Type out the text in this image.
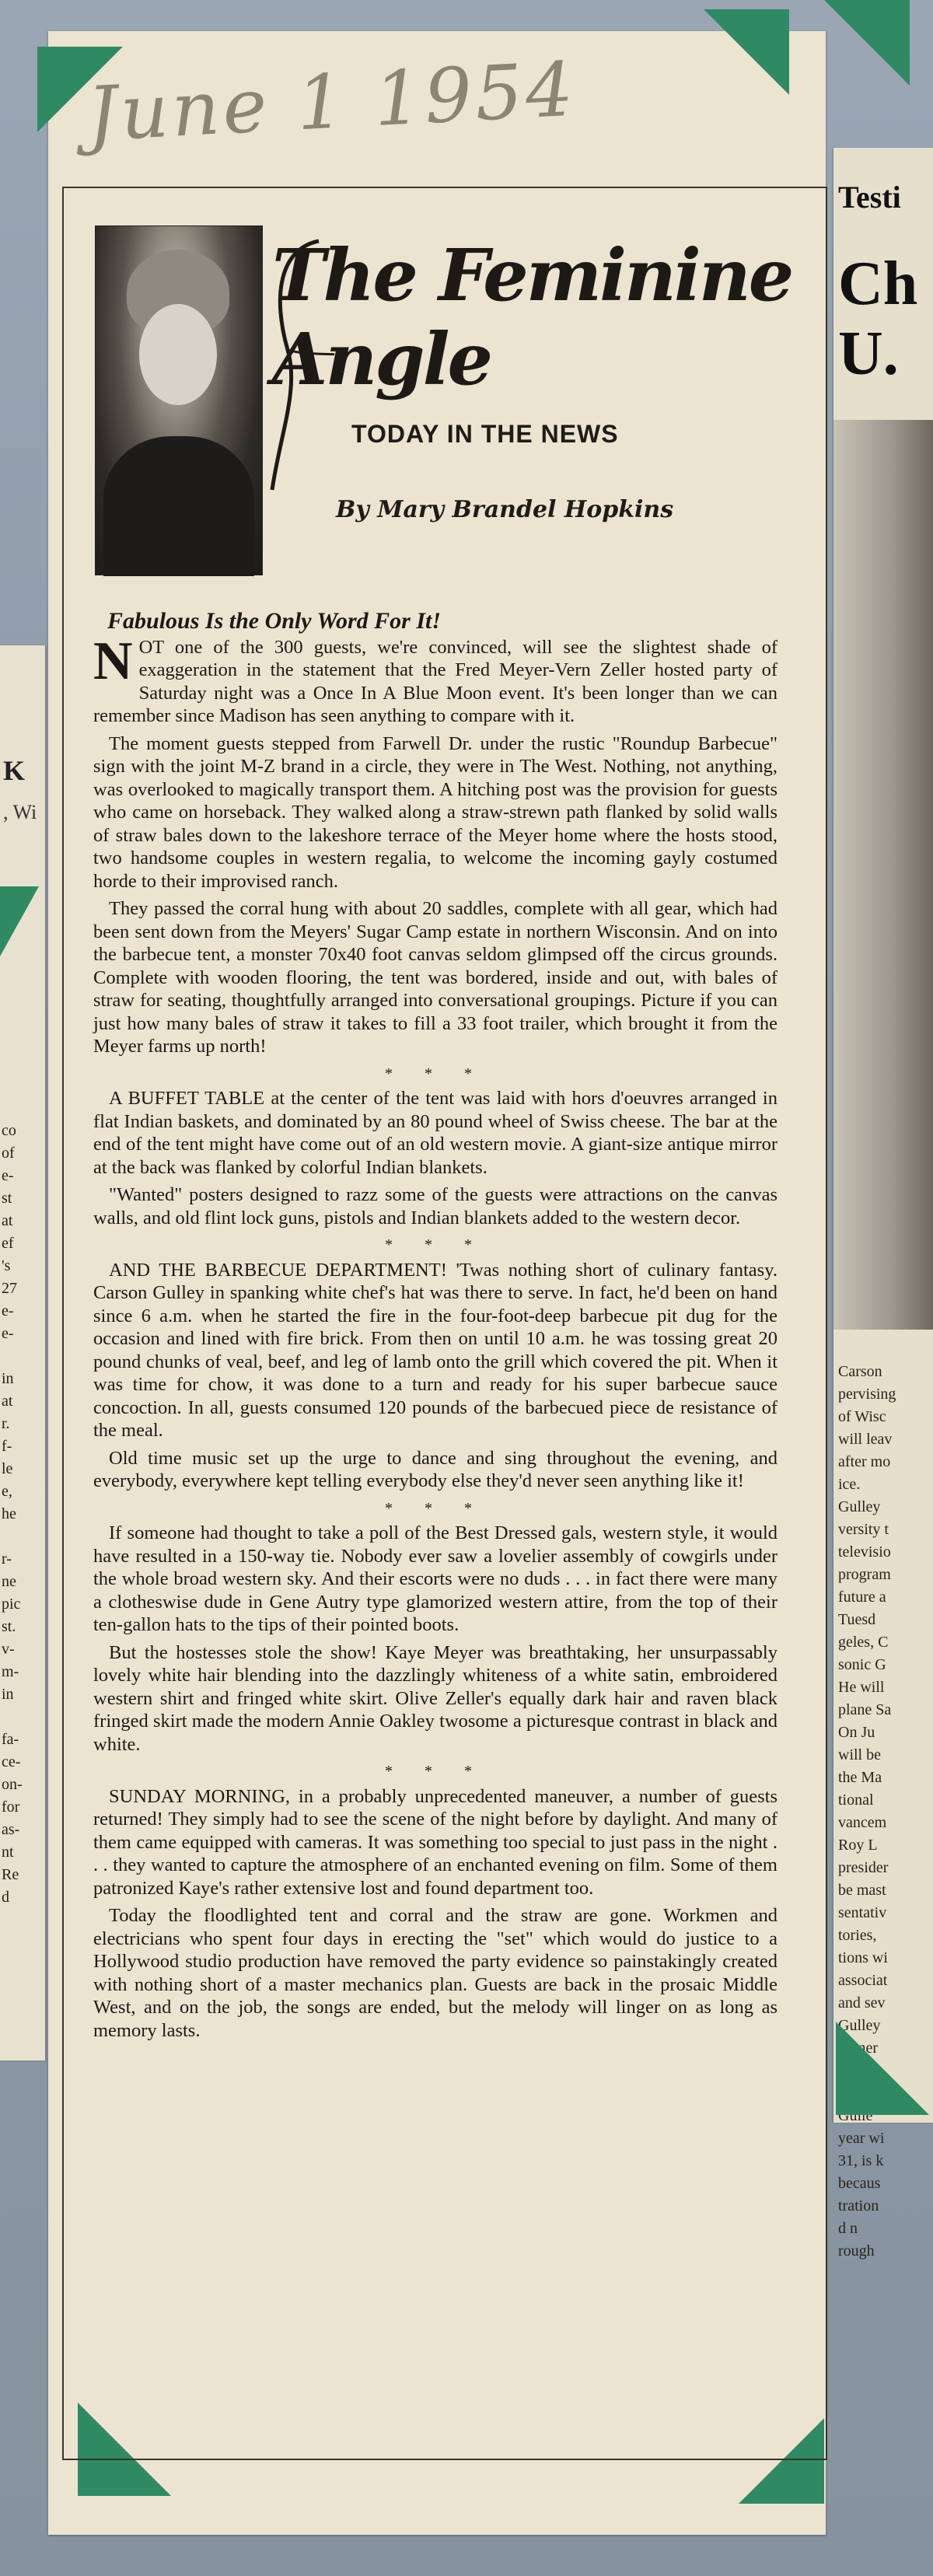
K
, Wi
co
of
e-
st
at
ef
's
27
e-
e-

in
at
r.
f-
le
e,
he

r-
ne
pic
st.
v-
m-
in

fa-
ce-
on-
for
as-
nt
Re
d
Testi
Ch
U.

Carson

pervising

of Wisc

will leav

after mo

ice.

Gulley

versity t

televisio

program

future a

Tuesd

geles, C

sonic G

He will

plane Sa

On Ju

will be

the Ma

tional

vancem

Roy L

presider

be mast

sentativ

tories,

tions wi

associat

and sev

Gulley

dinner

Lodge

Gulle

year wi

31, is k

becaus

tration

d n

rough

June 1 1954
The Feminine Angle
TODAY IN THE NEWS
By Mary Brandel Hopkins
Fabulous Is the Only Word For It!

NOT one of the 300 guests, we're convinced, will see the slightest shade of exaggeration in the statement that the Fred Meyer-Vern Zeller hosted party of Saturday night was a Once In A Blue Moon event. It's been longer than we can remember since Madison has seen anything to compare with it.

The moment guests stepped from Farwell Dr. under the rustic "Roundup Barbecue" sign with the joint M-Z brand in a circle, they were in The West. Nothing, not anything, was overlooked to magically transport them. A hitching post was the provision for guests who came on horseback. They walked along a straw-strewn path flanked by solid walls of straw bales down to the lakeshore terrace of the Meyer home where the hosts stood, two handsome couples in western regalia, to welcome the incoming gayly costumed horde to their improvised ranch.

They passed the corral hung with about 20 saddles, complete with all gear, which had been sent down from the Meyers' Sugar Camp estate in northern Wisconsin. And on into the barbecue tent, a monster 70x40 foot canvas seldom glimpsed off the circus grounds. Complete with wooden flooring, the tent was bordered, inside and out, with bales of straw for seating, thoughtfully arranged into conversational groupings. Picture if you can just how many bales of straw it takes to fill a 33 foot trailer, which brought it from the Meyer farms up north!

* * *

A BUFFET TABLE at the center of the tent was laid with hors d'oeuvres arranged in flat Indian baskets, and dominated by an 80 pound wheel of Swiss cheese. The bar at the end of the tent might have come out of an old western movie. A giant-size antique mirror at the back was flanked by colorful Indian blankets.

"Wanted" posters designed to razz some of the guests were attractions on the canvas walls, and old flint lock guns, pistols and Indian blankets added to the western decor.

* * *

AND THE BARBECUE DEPARTMENT! 'Twas nothing short of culinary fantasy. Carson Gulley in spanking white chef's hat was there to serve. In fact, he'd been on hand since 6 a.m. when he started the fire in the four-foot-deep barbecue pit dug for the occasion and lined with fire brick. From then on until 10 a.m. he was tossing great 20 pound chunks of veal, beef, and leg of lamb onto the grill which covered the pit. When it was time for chow, it was done to a turn and ready for his super barbecue sauce concoction. In all, guests consumed 120 pounds of the barbecued piece de resistance of the meal.

Old time music set up the urge to dance and sing throughout the evening, and everybody, everywhere kept telling everybody else they'd never seen anything like it!

* * *

If someone had thought to take a poll of the Best Dressed gals, western style, it would have resulted in a 150-way tie. Nobody ever saw a lovelier assembly of cowgirls under the whole broad western sky. And their escorts were no duds . . . in fact there were many a clotheswise dude in Gene Autry type glamorized western attire, from the top of their ten-gallon hats to the tips of their pointed boots.

But the hostesses stole the show! Kaye Meyer was breathtaking, her unsurpassably lovely white hair blending into the dazzlingly whiteness of a white satin, embroidered western shirt and fringed white skirt. Olive Zeller's equally dark hair and raven black fringed skirt made the modern Annie Oakley twosome a picturesque contrast in black and white.

* * *

SUNDAY MORNING, in a probably unprecedented maneuver, a number of guests returned! They simply had to see the scene of the night before by daylight. And many of them came equipped with cameras. It was something too special to just pass in the night . . . they wanted to capture the atmosphere of an enchanted evening on film. Some of them patronized Kaye's rather extensive lost and found department too.

Today the floodlighted tent and corral and the straw are gone. Workmen and electricians who spent four days in erecting the "set" which would do justice to a Hollywood studio production have removed the party evidence so painstakingly created with nothing short of a master mechanics plan. Guests are back in the prosaic Middle West, and on the job, the songs are ended, but the melody will linger on as long as memory lasts.
